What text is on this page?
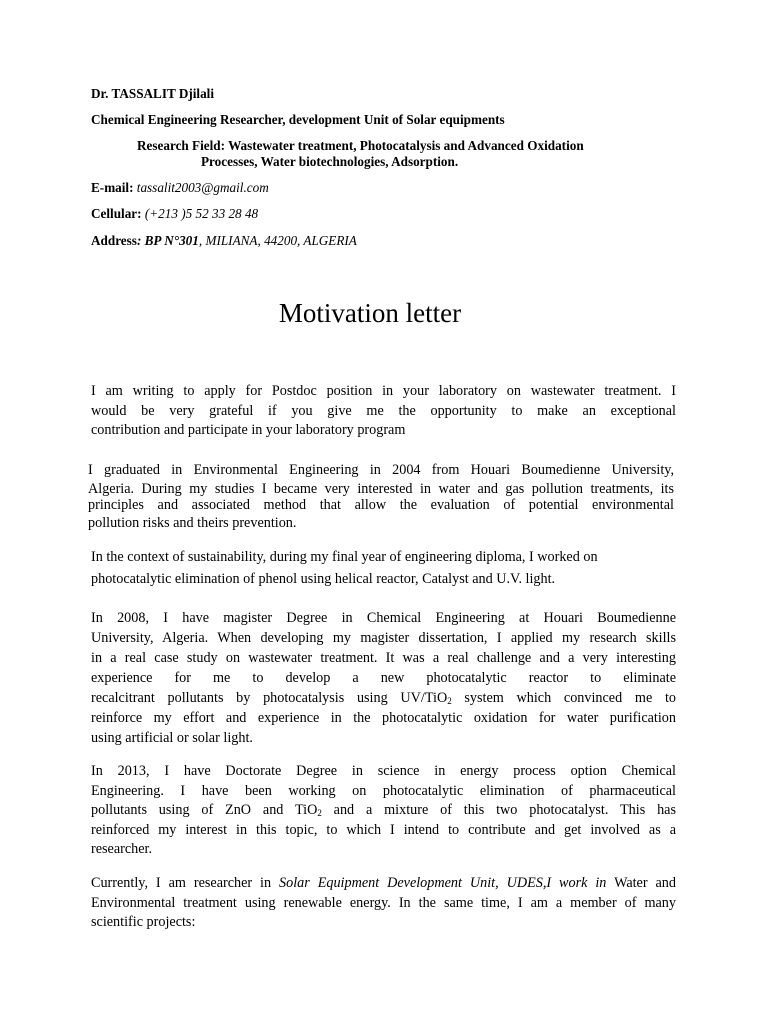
Dr. TASSALIT Djilali

Chemical Engineering Researcher, development Unit of Solar equipments

Research Field: Wastewater treatment, Photocatalysis and Advanced Oxidation

Processes, Water biotechnologies, Adsorption.

E-mail: tassalit2003@gmail.com

Cellular: (+213 )5 52 33 28 48

Address: BP N°301, MILIANA, 44200, ALGERIA

Motivation letter
I am writing to apply for Postdoc position in your laboratory on wastewater treatment. I
would be very grateful if you give me the opportunity to make an exceptional
contribution and participate in your laboratory program
I graduated in Environmental Engineering in 2004 from Houari Boumedienne University,
Algeria. During my studies I became very interested in water and gas pollution treatments, its
principles and associated method that allow the evaluation of potential environmental
pollution risks and theirs prevention.
In the context of sustainability, during my final year of engineering diploma, I worked on
photocatalytic elimination of phenol using helical reactor, Catalyst and U.V. light.
In 2008, I have magister Degree in Chemical Engineering at Houari Boumedienne
University, Algeria. When developing my magister dissertation, I applied my research skills
in a real case study on wastewater treatment. It was a real challenge and a very interesting
experience for me to develop a new photocatalytic reactor to eliminate
recalcitrant pollutants by photocatalysis using UV/TiO$_2$ system which convinced me to
reinforce my effort and experience in the photocatalytic oxidation for water purification
using artificial or solar light.
In 2013, I have Doctorate Degree in science in energy process option Chemical
Engineering. I have been working on photocatalytic elimination of pharmaceutical
pollutants using of ZnO and TiO$_2$ and a mixture of this two photocatalyst. This has
reinforced my interest in this topic, to which I intend to contribute and get involved as a
researcher.
Currently, I am researcher in Solar Equipment Development Unit, UDES,I work in Water and
Environmental treatment using renewable energy. In the same time, I am a member of many
scientific projects:
